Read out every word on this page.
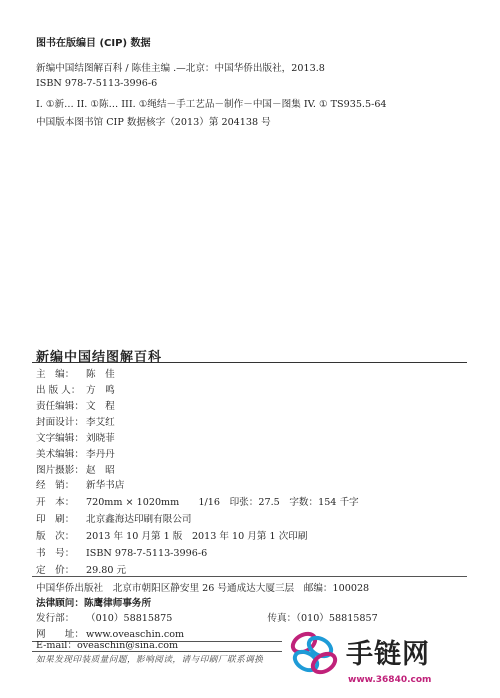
图书在版编目 (CIP) 数据
新编中国结图解百科 / 陈佳主编 .—北京：中国华侨出版社，2013.8
ISBN 978-7-5113-3996-6
I. ①新… II. ①陈… III. ①绳结－手工艺品－制作－中国－图集 IV. ① TS935.5-64
中国版本图书馆 CIP 数据核字（2013）第 204138 号
新编中国结图解百科
主　编： 陈　佳
出 版 人： 方　鸣
责任编辑： 文　程
封面设计： 李艾红
文字编辑： 刘晓菲
美术编辑： 李丹丹
图片摄影： 赵　昭
经　销： 新华书店
开　本： 720mm × 1020mm　　1/16　印张：27.5　字数：154 千字
印　刷： 北京鑫海达印刷有限公司
版　次： 2013 年 10 月第 1 版　2013 年 10 月第 1 次印刷
书　号： ISBN 978-7-5113-3996-6
定　价： 29.80 元
中国华侨出版社　北京市朝阳区静安里 26 号通成达大厦三层　邮编：100028
法律顾问：陈鹰律师事务所
发行部： （010）58815875	传真：（010）58815857
网　　址： www.oveaschin.com
E-mail：oveaschin@sina.com
如果发现印装质量问题，影响阅读，请与印刷厂联系调换	手链网
www.36840.com
